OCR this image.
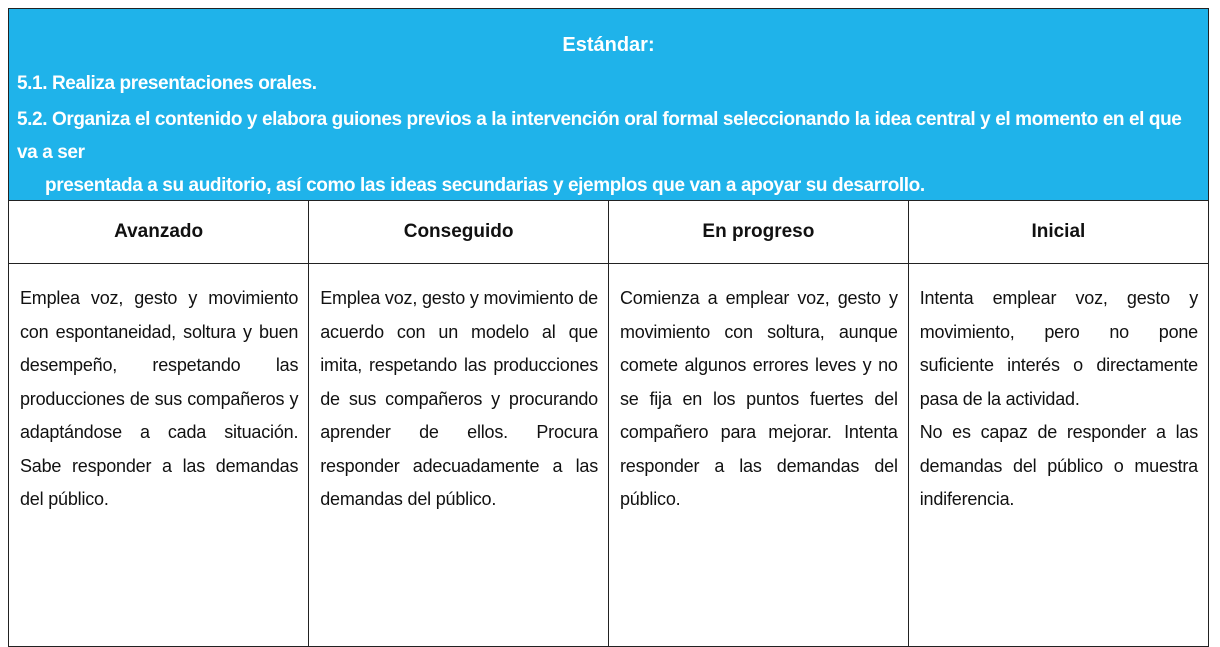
Estándar:
5.1. Realiza presentaciones orales.
5.2. Organiza el contenido y elabora guiones previos a la intervención oral formal seleccionando la idea central y el momento en el que va a ser
presentada a su auditorio, así como las ideas secundarias y ejemplos que van a apoyar su desarrollo.
Avanzado	Conseguido	En progreso	Inicial
Emplea voz, gesto y movimiento con espontaneidad, soltura y buen desempeño, respetando las producciones de sus compañeros y adaptándose a cada situación. Sabe responder a las demandas del público.	Emplea voz, gesto y movimiento de acuerdo con un modelo al que imita, respetando las producciones de sus compañeros y procurando aprender de ellos. Procura responder adecuadamente a las demandas del público.	Comienza a emplear voz, gesto y movimiento con soltura, aunque comete algunos errores leves y no se fija en los puntos fuertes del compañero para mejorar. Intenta responder a las demandas del público.	Intenta emplear voz, gesto y movimiento, pero no pone suficiente interés o directamente pasa de la actividad.
No es capaz de responder a las demandas del público o muestra indiferencia.
